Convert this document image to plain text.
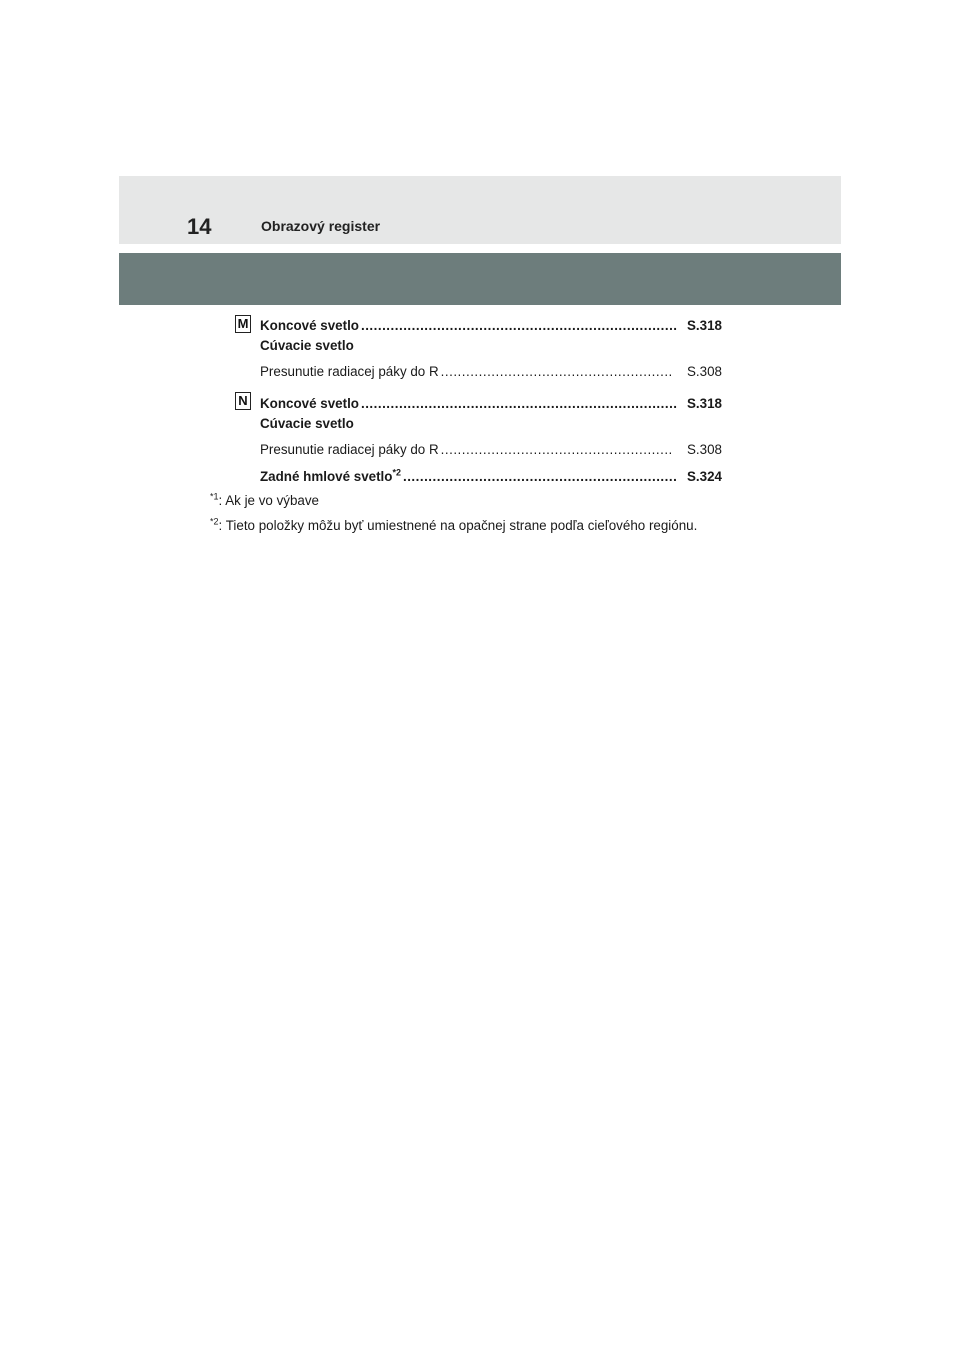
14	Obrazový register
M Koncové svetlo ........................................................................... S.318
Cúvacie svetlo
Presunutie radiacej páky do R .......................................................	S.308
N Koncové svetlo ........................................................................... S.318
Cúvacie svetlo
Presunutie radiacej páky do R .......................................................	S.308
Zadné hmlové svetlo$^{*2}$ ................................................................. S.324
$^{*1}$: Ak je vo výbave
$^{*2}$: Tieto položky môžu byť umiestnené na opačnej strane podľa cieľového regiónu.
